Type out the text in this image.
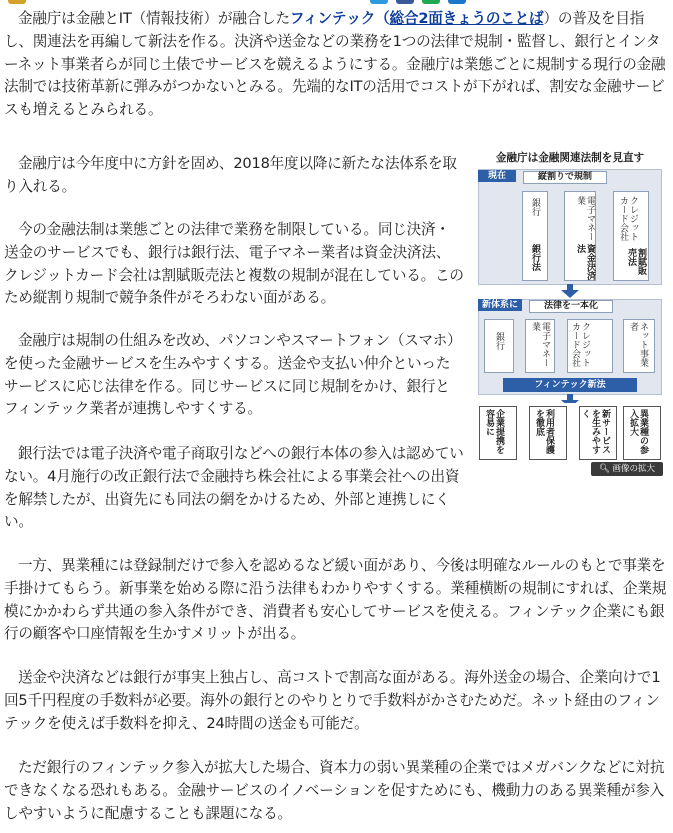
金融庁は金融とIT（情報技術）が融合したフィンテック（総合2面きょうのことば）の普及を目指し、関連法を再編して新法を作る。決済や送金などの業務を1つの法律で規制・監督し、銀行とインターネット事業者らが同じ土俵でサービスを競えるようにする。金融庁は業態ごとに規制する現行の金融法制では技術革新に弾みがつかないとみる。先端的なITの活用でコストが下がれば、割安な金融サービスも増えるとみられる。

金融庁は今年度中に方針を固め、2018年度以降に新たな法体系を取り入れる。

今の金融法制は業態ごとの法律で業務を制限している。同じ決済・送金のサービスでも、銀行は銀行法、電子マネー業者は資金決済法、クレジットカード会社は割賦販売法と複数の規制が混在している。このため縦割り規制で競争条件がそろわない面がある。

金融庁は規制の仕組みを改め、パソコンやスマートフォン（スマホ）を使った金融サービスを生みやすくする。送金や支払い仲介といったサービスに応じ法律を作る。同じサービスに同じ規制をかけ、銀行とフィンテック業者が連携しやすくする。

銀行法では電子決済や電子商取引などへの銀行本体の参入は認めていない。4月施行の改正銀行法で金融持ち株会社による事業会社への出資を解禁したが、出資先にも同法の網をかけるため、外部と連携しにくい。

一方、異業種には登録制だけで参入を認めるなど緩い面があり、今後は明確なルールのもとで事業を手掛けてもらう。新事業を始める際に沿う法律もわかりやすくする。業種横断の規制にすれば、企業規模にかかわらず共通の参入条件ができ、消費者も安心してサービスを使える。フィンテック企業にも銀行の顧客や口座情報を生かすメリットが出る。

送金や決済などは銀行が事実上独占し、高コストで割高な面がある。海外送金の場合、企業向けで1回5千円程度の手数料が必要。海外の銀行とのやりとりで手数料がかさむためだ。ネット経由のフィンテックを使えば手数料を抑え、24時間の送金も可能だ。

ただ銀行のフィンテック参入が拡大した場合、資本力の弱い異業種の企業ではメガバンクなどに対抗できなくなる恐れもある。金融サービスのイノベーションを促すためにも、機動力のある異業種が参入しやすいように配慮することも課題になる。

金融庁は金融関連法制を見直す
現在	縦割りで規制
銀行
銀行法
電子マネー業
資金決済法
クレジットカード会社
割賦販売法
新体系に	法律を一本化
銀行	電子マネー業	クレジットカード会社	ネット事業者
フィンテック新法
企業提携を容易に	利用者保護を徹底	新サービスを生みやすく	異業種の参入拡大
🔍︎ 画像の拡大
